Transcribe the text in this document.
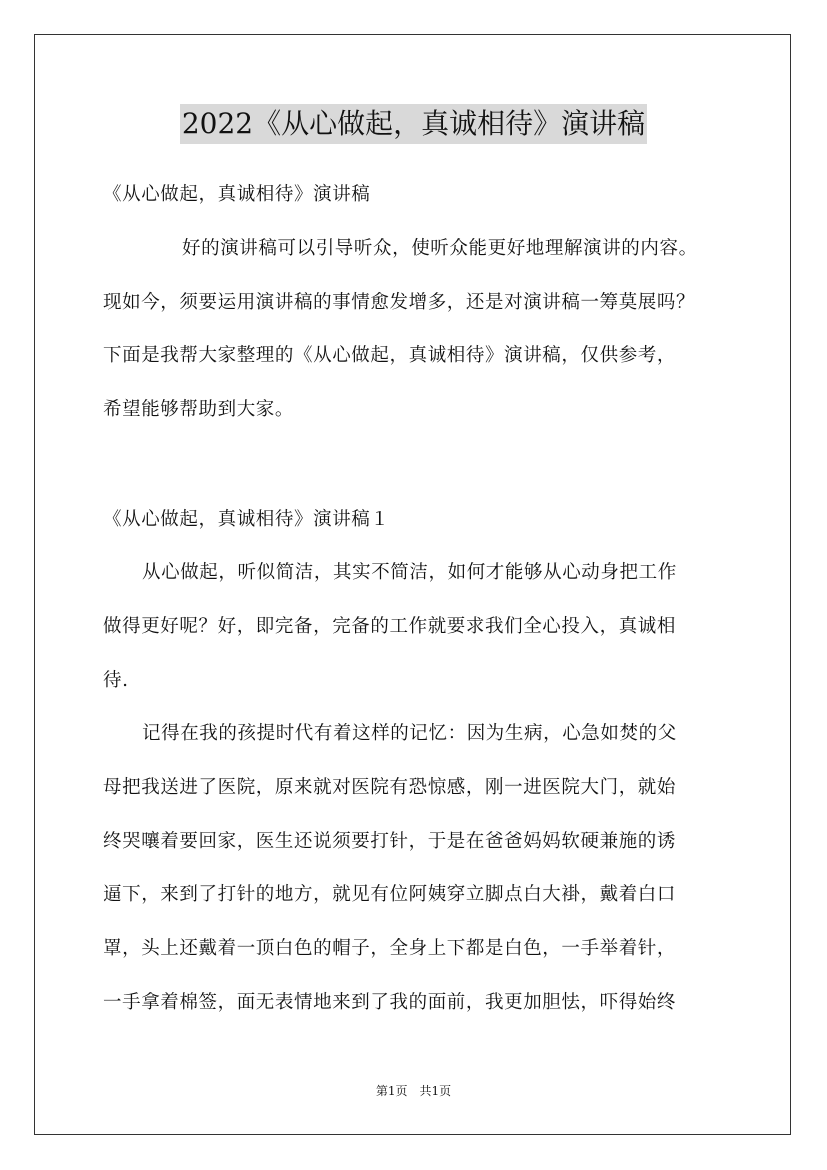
2022《从心做起，真诚相待》演讲稿
《从心做起，真诚相待》演讲稿
好的演讲稿可以引导听众，使听众能更好地理解演讲的内容。
现如今，须要运用演讲稿的事情愈发增多，还是对演讲稿一筹莫展吗？
下面是我帮大家整理的《从心做起，真诚相待》演讲稿，仅供参考，
希望能够帮助到大家。
《从心做起，真诚相待》演讲稿１
从心做起，听似简洁，其实不简洁，如何才能够从心动身把工作
做得更好呢？好，即完备，完备的工作就要求我们全心投入，真诚相
待.
记得在我的孩提时代有着这样的记忆：因为生病，心急如焚的父
母把我送进了医院，原来就对医院有恐惊感，刚一进医院大门，就始
终哭嚷着要回家，医生还说须要打针，于是在爸爸妈妈软硬兼施的诱
逼下，来到了打针的地方，就见有位阿姨穿立脚点白大褂，戴着白口
罩，头上还戴着一顶白色的帽子，全身上下都是白色，一手举着针，
一手拿着棉签，面无表情地来到了我的面前，我更加胆怯，吓得始终
第1页　共1页
